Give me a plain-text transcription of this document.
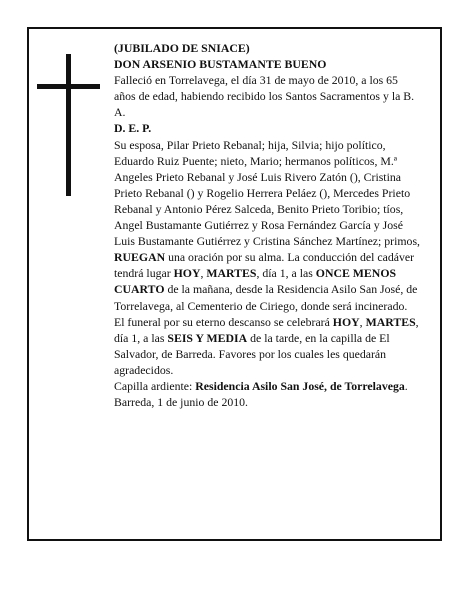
(JUBILADO DE SNIACE)

DON ARSENIO BUSTAMANTE BUENO

Falleció en Torrelavega, el día 31 de mayo de 2010, a los 65 años de edad, habiendo recibido los Santos Sacramentos y la B. A.

D. E. P.

Su esposa, Pilar Prieto Rebanal; hija, Silvia; hijo político, Eduardo Ruiz Puente; nieto, Mario; hermanos políticos, M.ª Angeles Prieto Rebanal y José Luis Rivero Zatón (), Cristina Prieto Rebanal () y Rogelio Herrera Peláez (), Mercedes Prieto Rebanal y Antonio Pérez Salceda, Benito Prieto Toribio; tíos, Angel Bustamante Gutiérrez y Rosa Fernández García y José Luis Bustamante Gutiérrez y Cristina Sánchez Martínez; primos,

RUEGAN una oración por su alma. La conducción del cadáver tendrá lugar HOY, MARTES, día 1, a las ONCE MENOS CUARTO de la mañana, desde la Residencia Asilo San José, de Torrelavega, al Cementerio de Ciriego, donde será incinerado. El funeral por su eterno descanso se celebrará HOY, MARTES, día 1, a las SEIS Y MEDIA de la tarde, en la capilla de El Salvador, de Barreda. Favores por los cuales les quedarán agradecidos.

Capilla ardiente: Residencia Asilo San José, de Torrelavega.

Barreda, 1 de junio de 2010.
